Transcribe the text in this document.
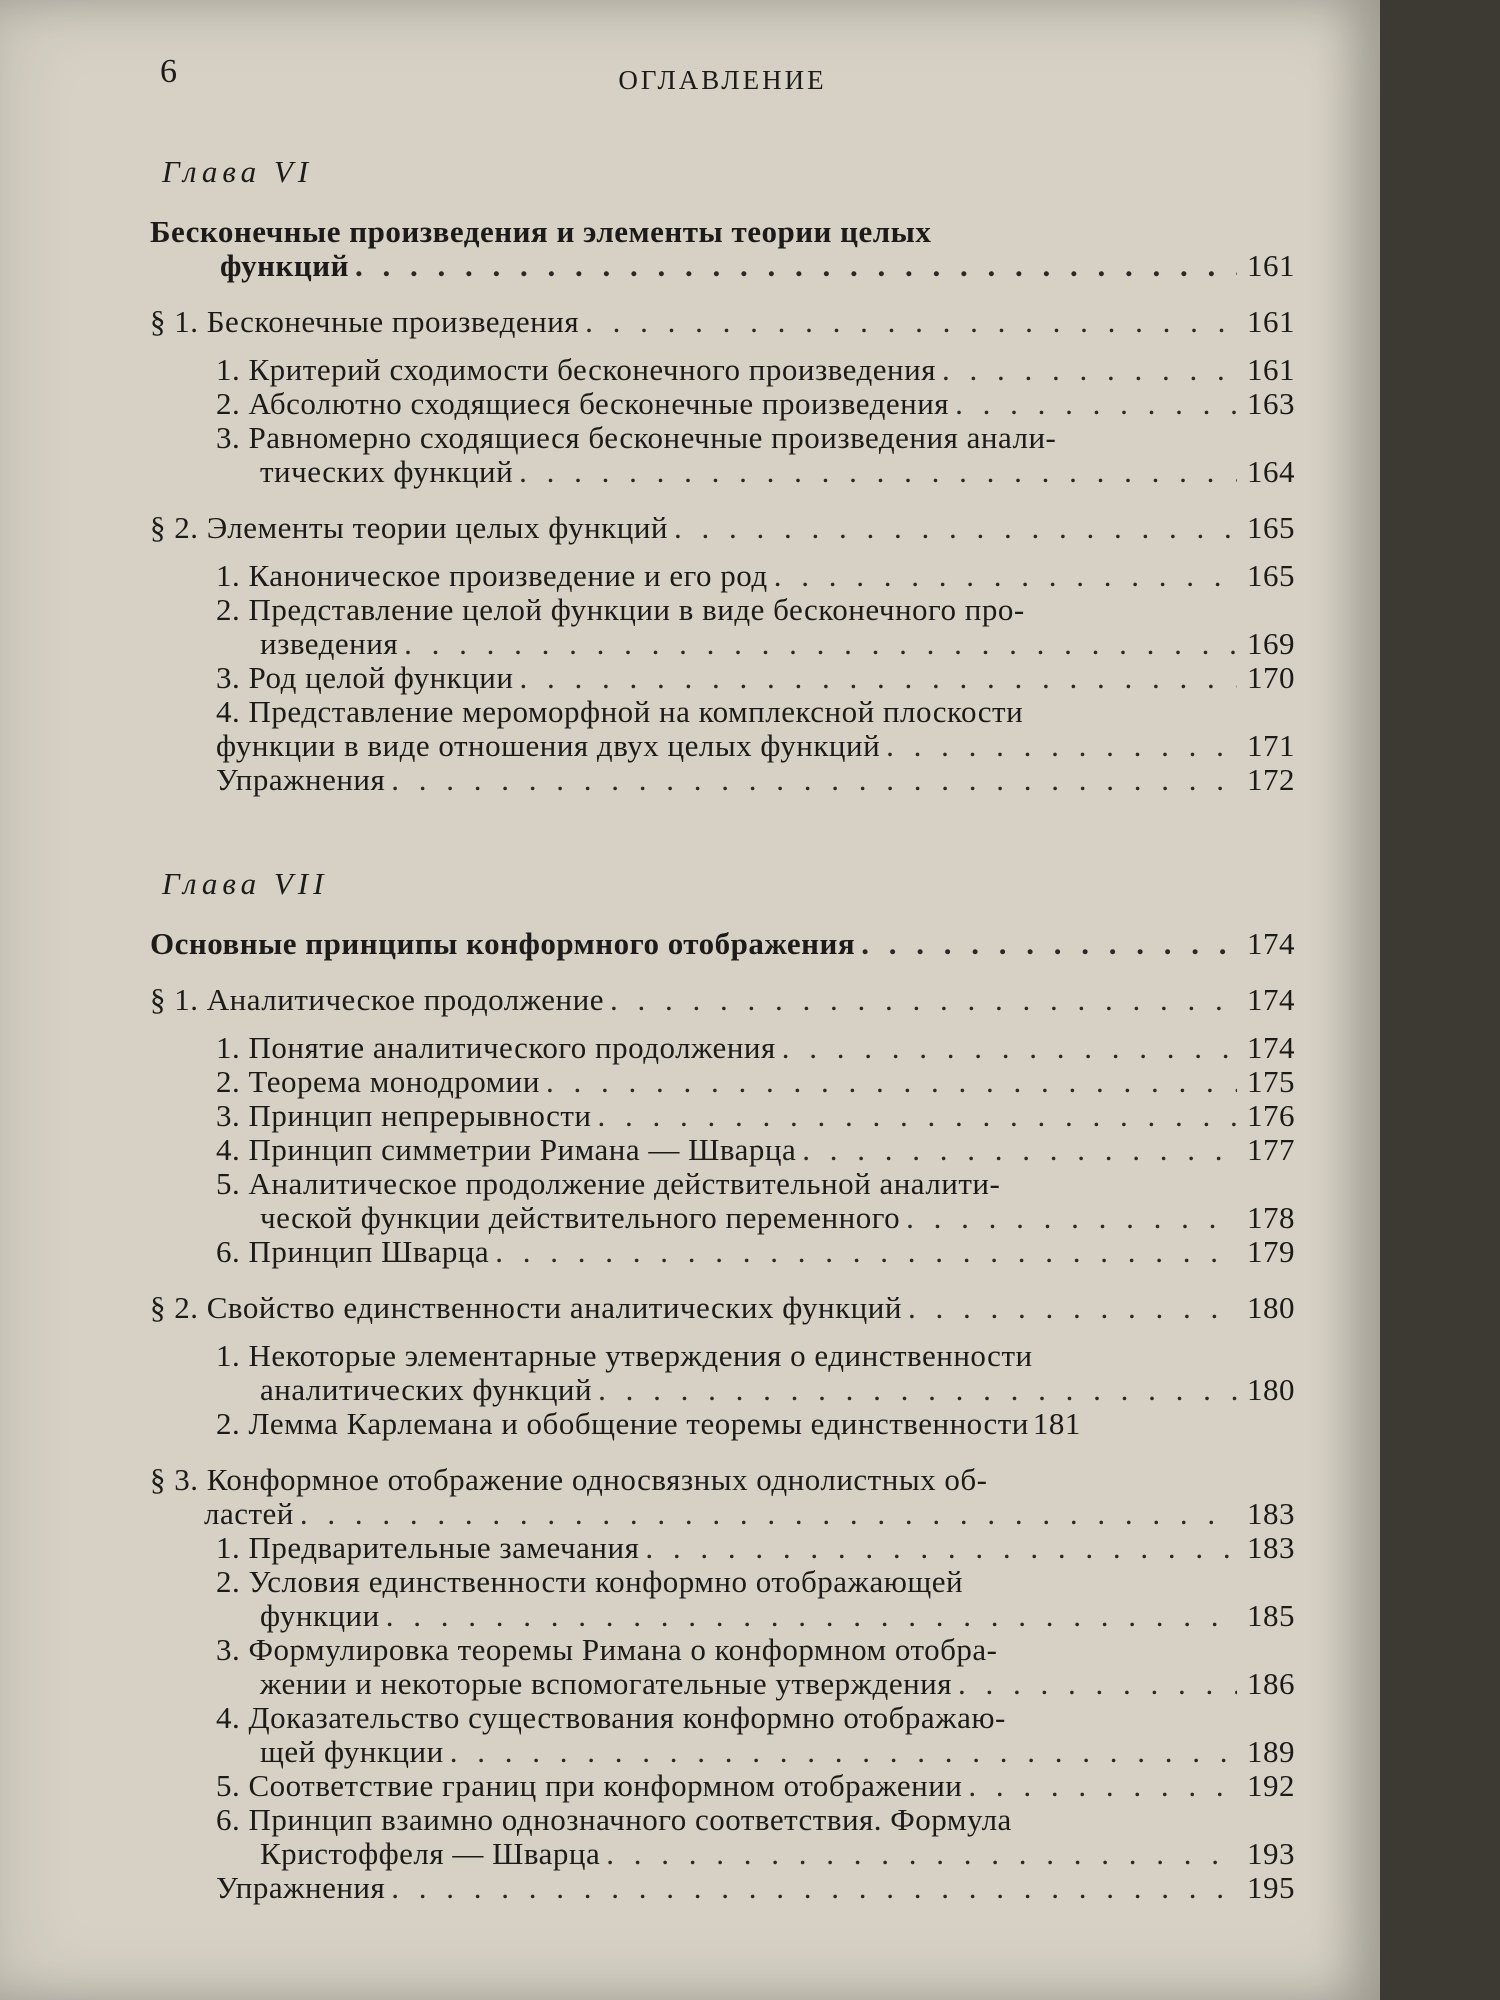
6	ОГЛАВЛЕНИЕ
Глава VI
Бесконечные произведения и элементы теории целых
функций . . .	161
§ 1. Бесконечные произведения . . .	161
1. Критерий сходимости бесконечного произведения . . .	161
2. Абсолютно сходящиеся бесконечные произведения . . .	163
3. Равномерно сходящиеся бесконечные произведения анали-
тических функций . . .	164
§ 2. Элементы теории целых функций . . .	165
1. Каноническое произведение и его род . . .	165
2. Представление целой функции в виде бесконечного про-
изведения . . .	169
3. Род целой функции . . .	170
4. Представление мероморфной на комплексной плоскости
функции в виде отношения двух целых функций . . .	171
Упражнения . . .	172
Глава VII
Основные принципы конформного отображения . . .	174
§ 1. Аналитическое продолжение . . .	174
1. Понятие аналитического продолжения . . .	174
2. Теорема монодромии . . .	175
3. Принцип непрерывности . . .	176
4. Принцип симметрии Римана — Шварца . . .	177
5. Аналитическое продолжение действительной аналити-
ческой функции действительного переменного . . .	178
6. Принцип Шварца . . .	179
§ 2. Свойство единственности аналитических функций . . .	180
1. Некоторые элементарные утверждения о единственности
аналитических функций . . .	180
2. Лемма Карлемана и обобщение теоремы единственности 181
§ 3. Конформное отображение односвязных однолистных об-
ластей . . .	183
1. Предварительные замечания . . .	183
2. Условия единственности конформно отображающей
функции . . .	185
3. Формулировка теоремы Римана о конформном отобра-
жении и некоторые вспомогательные утверждения . . .	186
4. Доказательство существования конформно отображаю-
щей функции . . .	189
5. Соответствие границ при конформном отображении . . .	192
6. Принцип взаимно однозначного соответствия. Формула
Кристоффеля — Шварца . . .	193
Упражнения . . .	195
